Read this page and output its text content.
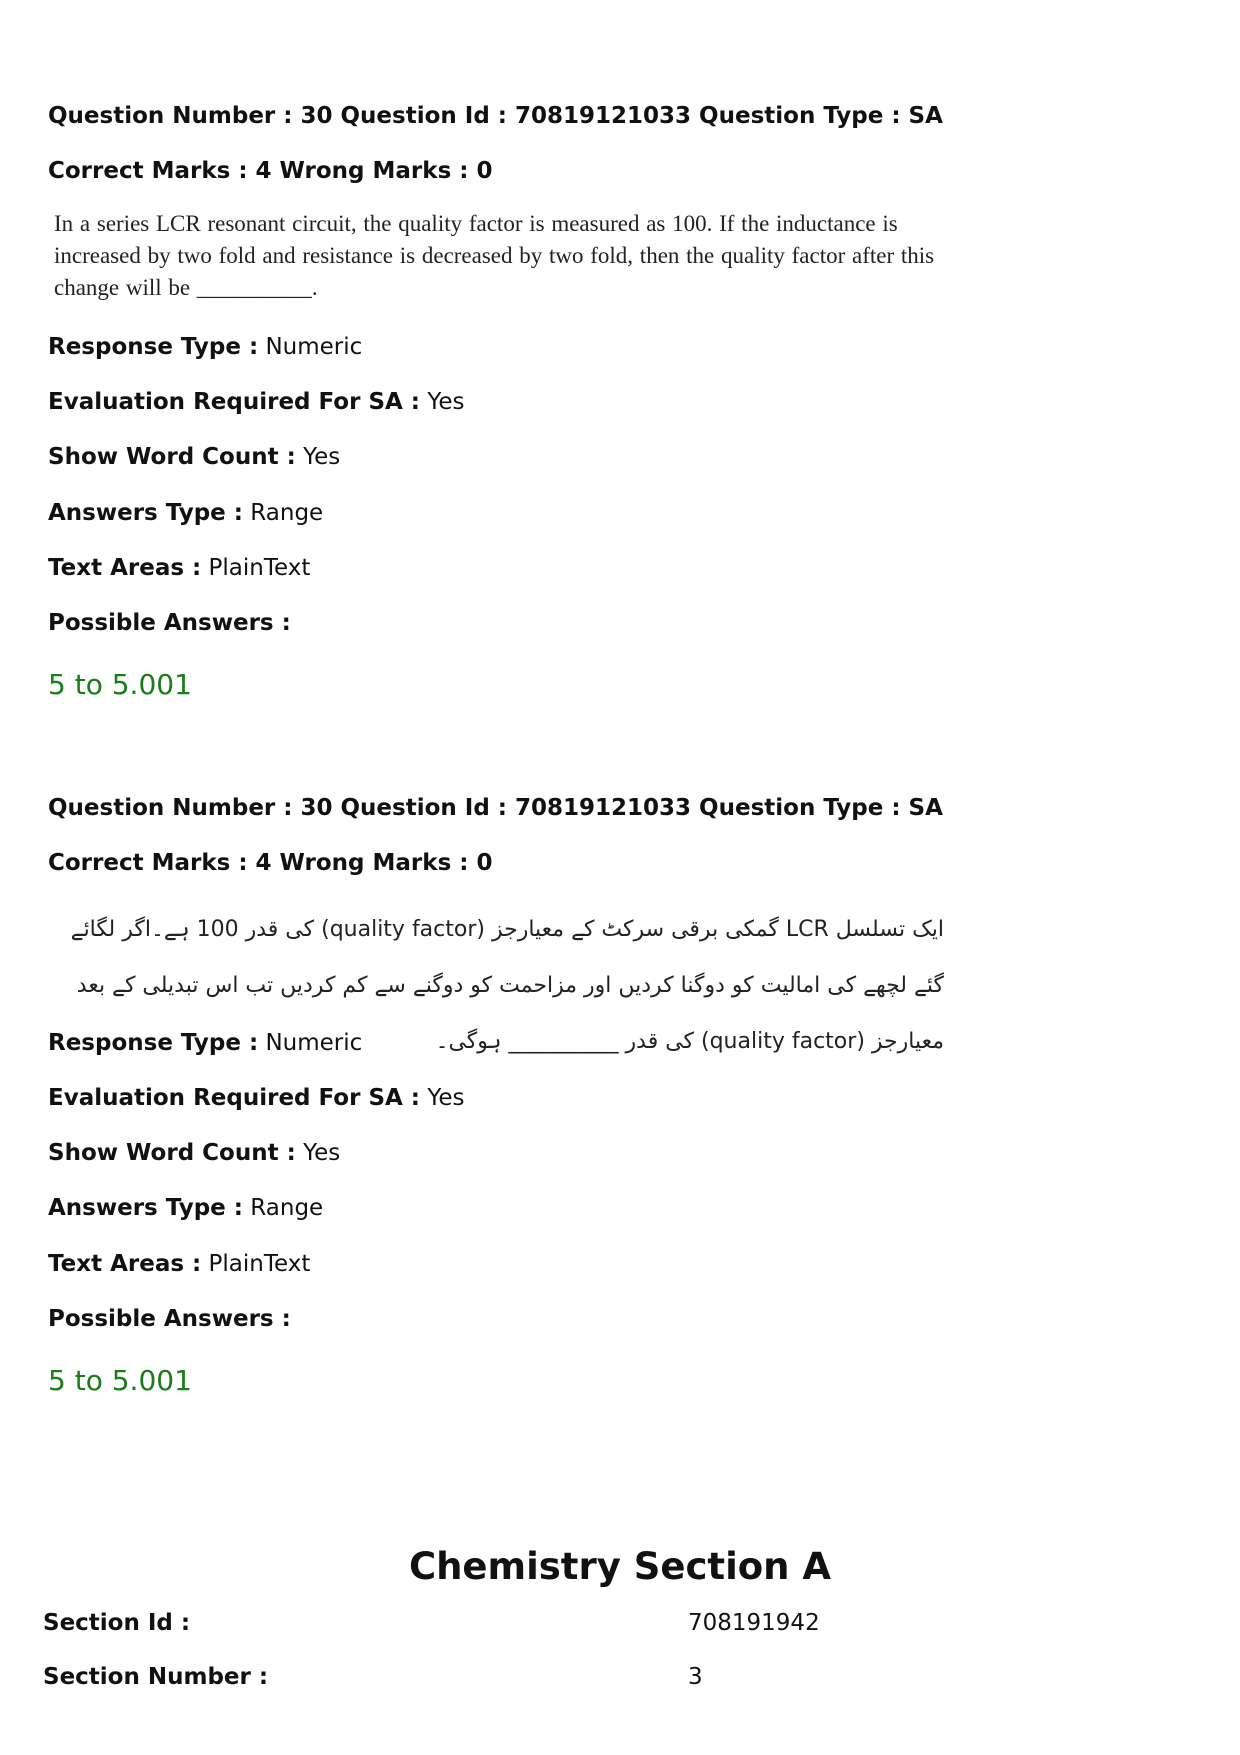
Question Number : 30 Question Id : 70819121033 Question Type : SA
Correct Marks : 4 Wrong Marks : 0
In a series LCR resonant circuit, the quality factor is measured as 100. If the inductance is increased by two fold and resistance is decreased by two fold, then the quality factor after this change will be __________.
Response Type : Numeric
Evaluation Required For SA : Yes
Show Word Count : Yes
Answers Type : Range
Text Areas : PlainText
Possible Answers :
5 to 5.001
Question Number : 30 Question Id : 70819121033 Question Type : SA
Correct Marks : 4 Wrong Marks : 0
ایک تسلسل LCR گمکی برقی سرکٹ کے معیارجز (quality factor) کی قدر 100 ہے۔اگر لگائے گئے لچھے کی امالیت کو دوگنا کردیں اور مزاحمت کو دوگنے سے کم کردیں تب اس تبدیلی کے بعد معیارجز (quality factor) کی قدر __________ ہوگی۔
Response Type : Numeric
Evaluation Required For SA : Yes
Show Word Count : Yes
Answers Type : Range
Text Areas : PlainText
Possible Answers :
5 to 5.001
Chemistry Section A
Section Id :	708191942
Section Number :	3
